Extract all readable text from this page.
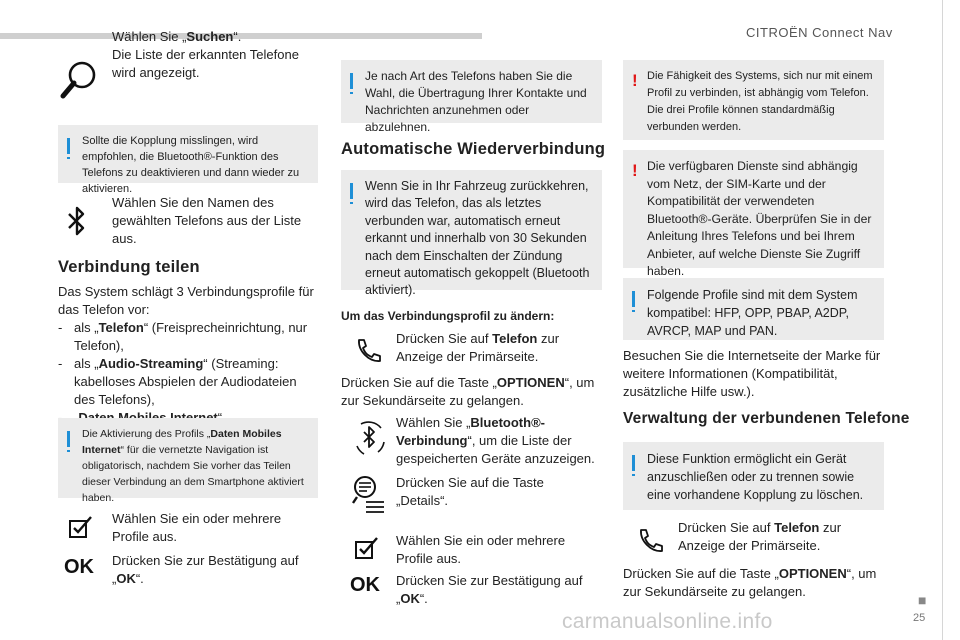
CITROËN Connect Nav
Wählen Sie „Suchen“.
Die Liste der erkannten Telefone wird angezeigt.
Sollte die Kopplung misslingen, wird empfohlen, die Bluetooth®-Funktion des Telefons zu deaktivieren und dann wieder zu aktivieren.
Wählen Sie den Namen des gewählten Telefons aus der Liste aus.
Verbindung teilen
Das System schlägt 3 Verbindungsprofile für das Telefon vor:
- als „Telefon“ (Freisprecheinrichtung, nur Telefon),
- als „Audio-Streaming“ (Streaming: kabelloses Abspielen der Audiodateien des Telefons),
Die Aktivierung des Profils „Daten Mobiles Internet“ für die vernetzte Navigation ist obligatorisch, nachdem Sie vorher das Teilen dieser Verbindung an dem Smartphone aktiviert haben.
Wählen Sie ein oder mehrere Profile aus.
OK Drücken Sie zur Bestätigung auf „OK“.
Je nach Art des Telefons haben Sie die Wahl, die Übertragung Ihrer Kontakte und Nachrichten anzunehmen oder abzulehnen.
Automatische Wiederverbindung
Wenn Sie in Ihr Fahrzeug zurückkehren, wird das Telefon, das als letztes verbunden war, automatisch erneut erkannt und innerhalb von 30 Sekunden nach dem Einschalten der Zündung erneut automatisch gekoppelt (Bluetooth aktiviert).
Um das Verbindungsprofil zu ändern:
Drücken Sie auf Telefon zur Anzeige der Primärseite.
Drücken Sie auf die Taste „OPTIONEN“, um zur Sekundärseite zu gelangen.
Wählen Sie „Bluetooth®-Verbindung“, um die Liste der gespeicherten Geräte anzuzeigen.
Drücken Sie auf die Taste „Details“.
Wählen Sie ein oder mehrere Profile aus.
OK Drücken Sie zur Bestätigung auf „OK“.
! Die Fähigkeit des Systems, sich nur mit einem Profil zu verbinden, ist abhängig vom Telefon. Die drei Profile können standardmäßig verbunden werden.
! Die verfügbaren Dienste sind abhängig vom Netz, der SIM-Karte und der Kompatibilität der verwendeten Bluetooth®-Geräte. Überprüfen Sie in der Anleitung Ihres Telefons und bei Ihrem Anbieter, auf welche Dienste Sie Zugriff haben.
Folgende Profile sind mit dem System kompatibel: HFP, OPP, PBAP, A2DP, AVRCP, MAP und PAN.
Besuchen Sie die Internetseite der Marke für weitere Informationen (Kompatibilität, zusätzliche Hilfe usw.).
Verwaltung der verbundenen Telefone
Diese Funktion ermöglicht ein Gerät anzuschließen oder zu trennen sowie eine vorhandene Kopplung zu löschen.
Drücken Sie auf Telefon zur Anzeige der Primärseite.
Drücken Sie auf die Taste „OPTIONEN“, um zur Sekundärseite zu gelangen.
carmanualsonline.info
■
25
